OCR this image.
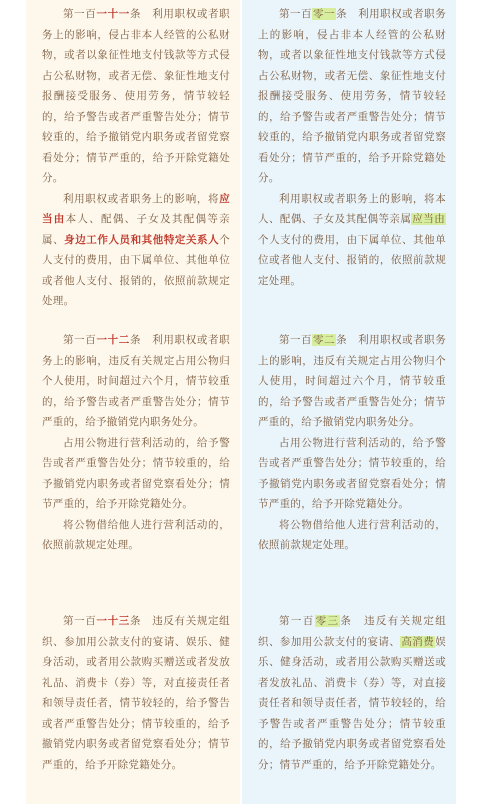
第一百一十一条　利用职权或者职务上的影响，侵占非本人经管的公私财物，或者以象征性地支付钱款等方式侵占公私财物，或者无偿、象征性地支付报酬接受服务、使用劳务，情节较轻的，给予警告或者严重警告处分；情节较重的，给予撤销党内职务或者留党察看处分；情节严重的，给予开除党籍处分。

利用职权或者职务上的影响，将应当由本人、配偶、子女及其配偶等亲属、身边工作人员和其他特定关系人个人支付的费用，由下属单位、其他单位或者他人支付、报销的，依照前款规定处理。

第一百一十二条　利用职权或者职务上的影响，违反有关规定占用公物归个人使用，时间超过六个月，情节较重的，给予警告或者严重警告处分；情节严重的，给予撤销党内职务处分。

占用公物进行营利活动的，给予警告或者严重警告处分；情节较重的，给予撤销党内职务或者留党察看处分；情节严重的，给予开除党籍处分。

将公物借给他人进行营利活动的，依照前款规定处理。

第一百一十三条　违反有关规定组织、参加用公款支付的宴请、娱乐、健身活动，或者用公款购买赠送或者发放礼品、消费卡（券）等，对直接责任者和领导责任者，情节较轻的，给予警告或者严重警告处分；情节较重的，给予撤销党内职务或者留党察看处分；情节严重的，给予开除党籍处分。

第一百零一条　利用职权或者职务上的影响，侵占非本人经管的公私财物，或者以象征性地支付钱款等方式侵占公私财物，或者无偿、象征性地支付报酬接受服务、使用劳务，情节较轻的，给予警告或者严重警告处分；情节较重的，给予撤销党内职务或者留党察看处分；情节严重的，给予开除党籍处分。

利用职权或者职务上的影响，将本人、配偶、子女及其配偶等亲属应当由个人支付的费用，由下属单位、其他单位或者他人支付、报销的，依照前款规定处理。

第一百零二条　利用职权或者职务上的影响，违反有关规定占用公物归个人使用，时间超过六个月，情节较重的，给予警告或者严重警告处分；情节严重的，给予撤销党内职务处分。

占用公物进行营利活动的，给予警告或者严重警告处分；情节较重的，给予撤销党内职务或者留党察看处分；情节严重的，给予开除党籍处分。

将公物借给他人进行营利活动的，依照前款规定处理。

第一百零三条　违反有关规定组织、参加用公款支付的宴请、高消费娱乐、健身活动，或者用公款购买赠送或者发放礼品、消费卡（券）等，对直接责任者和领导责任者，情节较轻的，给予警告或者严重警告处分；情节较重的，给予撤销党内职务或者留党察看处分；情节严重的，给予开除党籍处分。
